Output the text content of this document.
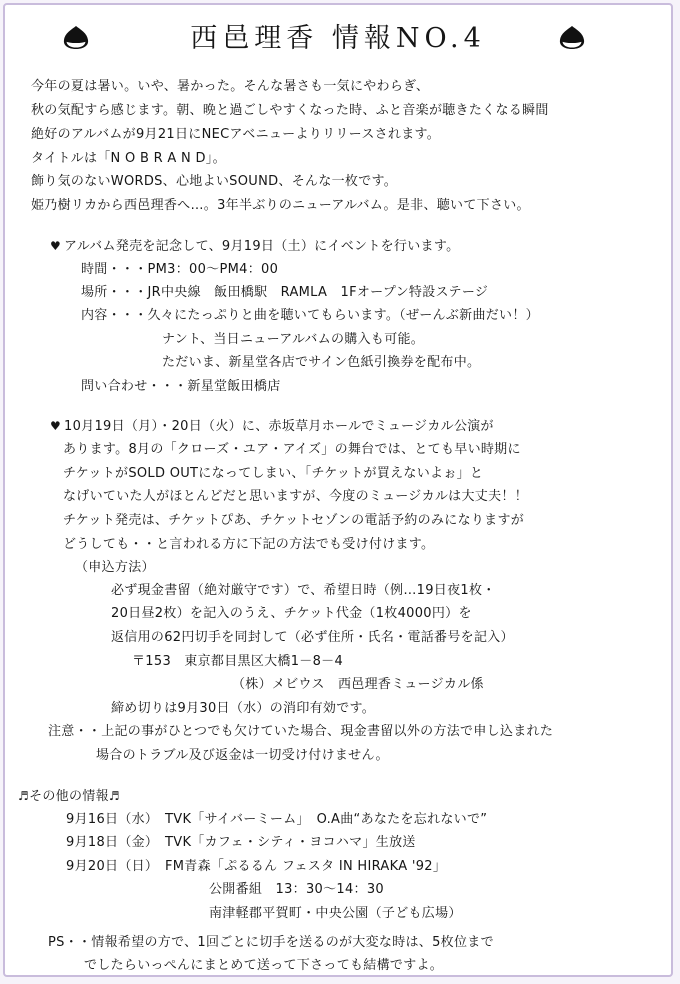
西邑理香 情報NO.4
今年の夏は暑い。いや、暑かった。そんな暑さも一気にやわらぎ、
秋の気配すら感じます。朝、晩と過ごしやすくなった時、ふと音楽が聴きたくなる瞬間
絶好のアルバムが9月21日にNECアベニューよりリリースされます。
タイトルは「N O B R A N D」。
飾り気のないWORDS、心地よいSOUND、そんな一枚です。
姫乃樹リカから西邑理香へ…。3年半ぶりのニューアルバム。是非、聴いて下さい。
♥ アルバム発売を記念して、9月19日（土）にイベントを行います。
時間・・・PM3：00〜PM4：00
場所・・・JR中央線　飯田橋駅　RAMLA　1Fオープン特設ステージ
内容・・・久々にたっぷりと曲を聴いてもらいます。（ぜーんぶ新曲だい！）
ナント、当日ニューアルバムの購入も可能。
ただいま、新星堂各店でサイン色紙引換券を配布中。
問い合わせ・・・新星堂飯田橋店
♥ 10月19日（月）・20日（火）に、赤坂草月ホールでミュージカル公演が
あります。8月の「クローズ・ユア・アイズ」の舞台では、とても早い時期に
チケットがSOLD OUTになってしまい、「チケットが買えないよぉ」と
なげいていた人がほとんどだと思いますが、今度のミュージカルは大丈夫！！
チケット発売は、チケットぴあ、チケットセゾンの電話予約のみになりますが
どうしても・・と言われる方に下記の方法でも受け付けます。
（申込方法）
必ず現金書留（絶対厳守です）で、希望日時（例…19日夜1枚・
20日昼2枚）を記入のうえ、チケット代金（1枚4000円）を
返信用の62円切手を同封して（必ず住所・氏名・電話番号を記入）
〒153　東京都目黒区大橋1－8－4
（株）メビウス　西邑理香ミュージカル係
締め切りは9月30日（水）の消印有効です。
注意・・上記の事がひとつでも欠けていた場合、現金書留以外の方法で申し込まれた
場合のトラブル及び返金は一切受け付けません。
♬その他の情報♬
9月16日（水）　TVK「サイバーミーム」　O.A曲“あなたを忘れないで”
9月18日（金）　TVK「カフェ・シティ・ヨコハマ」生放送
9月20日（日）　FM青森「ぷるるん フェスタ IN HIRAKA '92」
公開番組　13：30〜14：30
南津軽郡平賀町・中央公園（子ども広場）
PS・・情報希望の方で、1回ごとに切手を送るのが大変な時は、5枚位まで
でしたらいっぺんにまとめて送って下さっても結構ですよ。
